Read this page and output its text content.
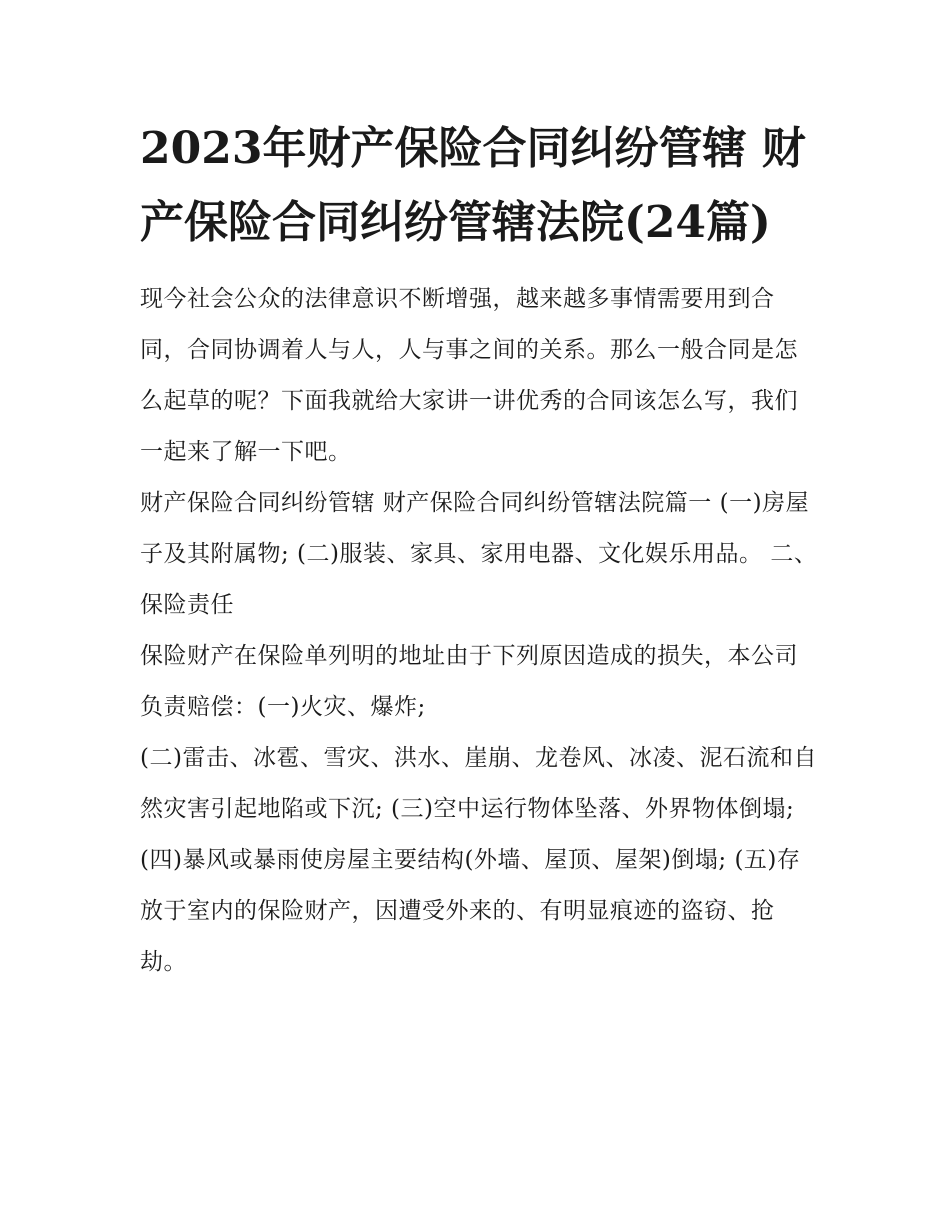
2023年财产保险合同纠纷管辖 财产保险合同纠纷管辖法院(24篇)

现今社会公众的法律意识不断增强，越来越多事情需要用到合同，合同协调着人与人，人与事之间的关系。那么一般合同是怎么起草的呢？下面我就给大家讲一讲优秀的合同该怎么写，我们一起来了解一下吧。

财产保险合同纠纷管辖 财产保险合同纠纷管辖法院篇一 (一)房屋子及其附属物; (二)服装、家具、家用电器、文化娱乐用品。 二、保险责任

保险财产在保险单列明的地址由于下列原因造成的损失，本公司负责赔偿：(一)火灾、爆炸;

(二)雷击、冰雹、雪灾、洪水、崖崩、龙卷风、冰凌、泥石流和自然灾害引起地陷或下沉; (三)空中运行物体坠落、外界物体倒塌;

(四)暴风或暴雨使房屋主要结构(外墙、屋顶、屋架)倒塌; (五)存放于室内的保险财产，因遭受外来的、有明显痕迹的盗窃、抢劫。
